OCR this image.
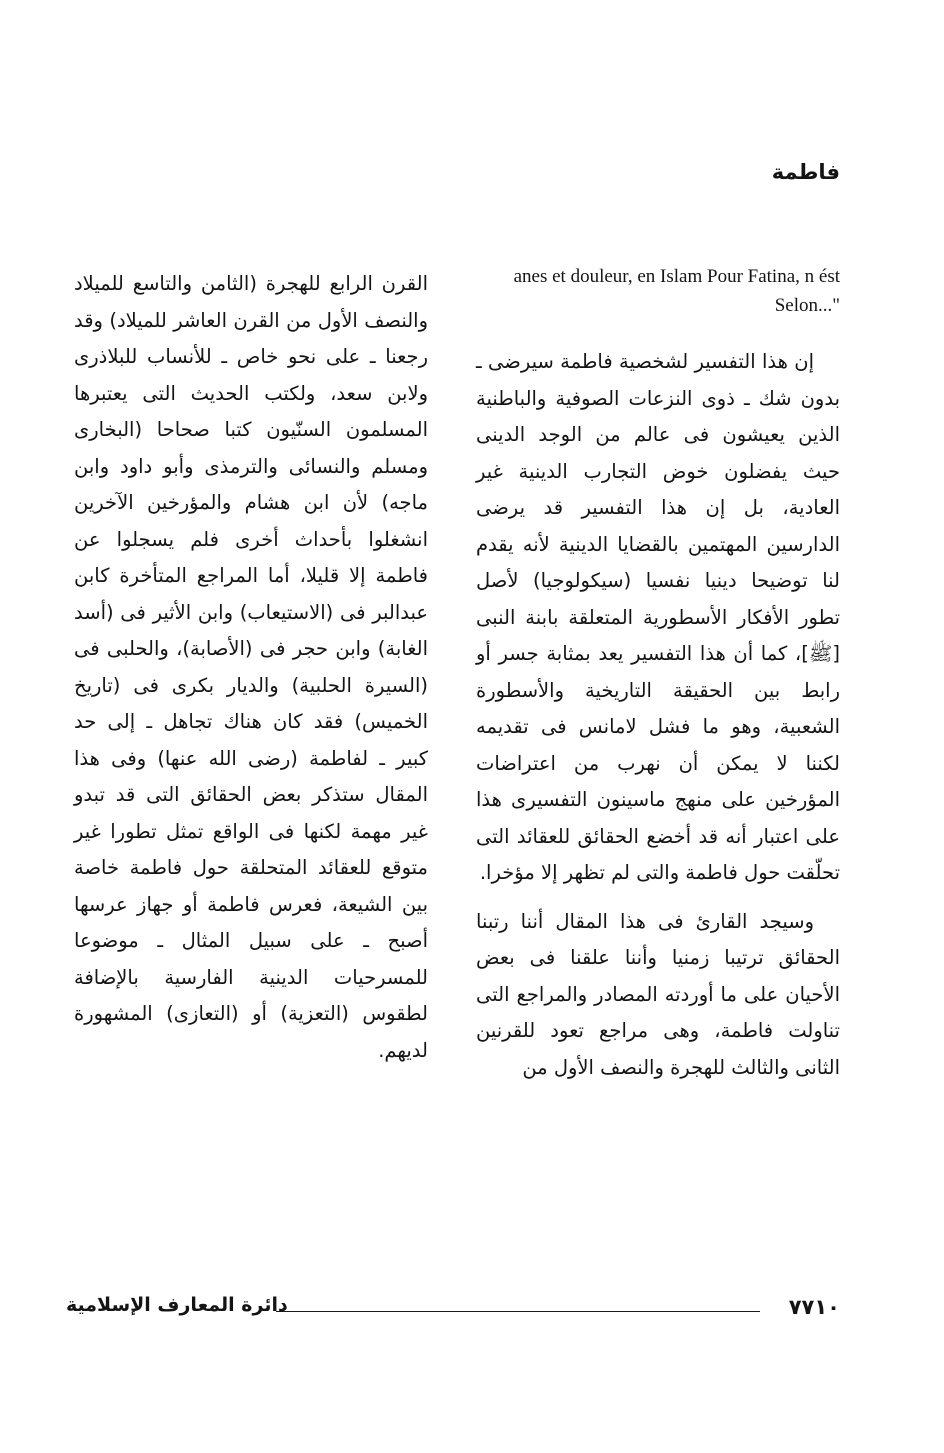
فاطمة

anes et douleur, en Islam Pour Fatina, n ést Selon..."

إن هذا التفسير لشخصية فاطمة سيرضى ـ بدون شك ـ ذوى النزعات الصوفية والباطنية الذين يعيشون فى عالم من الوجد الدينى حيث يفضلون خوض التجارب الدينية غير العادية، بل إن هذا التفسير قد يرضى الدارسين المهتمين بالقضايا الدينية لأنه يقدم لنا توضيحا دينيا نفسيا (سيكولوجيا) لأصل تطور الأفكار الأسطورية المتعلقة بابنة النبى [ﷺ]، كما أن هذا التفسير يعد بمثابة جسر أو رابط بين الحقيقة التاريخية والأسطورة الشعبية، وهو ما فشل لامانس فى تقديمه لكننا لا يمكن أن نهرب من اعتراضات المؤرخين على منهج ماسينون التفسيرى هذا على اعتبار أنه قد أخضع الحقائق للعقائد التى تحلّقت حول فاطمة والتى لم تظهر إلا مؤخرا.

وسيجد القارئ فى هذا المقال أننا رتبنا الحقائق ترتيبا زمنيا وأننا علقنا فى بعض الأحيان على ما أوردته المصادر والمراجع التى تناولت فاطمة، وهى مراجع تعود للقرنين الثانى والثالث للهجرة والنصف الأول من

القرن الرابع للهجرة (الثامن والتاسع للميلاد والنصف الأول من القرن العاشر للميلاد) وقد رجعنا ـ على نحو خاص ـ للأنساب للبلاذرى ولابن سعد، ولكتب الحديث التى يعتبرها المسلمون السنّيون كتبا صحاحا (البخارى ومسلم والنسائى والترمذى وأبو داود وابن ماجه) لأن ابن هشام والمؤرخين الآخرين انشغلوا بأحداث أخرى فلم يسجلوا عن فاطمة إلا قليلا، أما المراجع المتأخرة كابن عبدالبر فى (الاستيعاب) وابن الأثير فى (أسد الغابة) وابن حجر فى (الأصابة)، والحلبى فى (السيرة الحلبية) والديار بكرى فى (تاريخ الخميس) فقد كان هناك تجاهل ـ إلى حد كبير ـ لفاطمة (رضى الله عنها) وفى هذا المقال ستذكر بعض الحقائق التى قد تبدو غير مهمة لكنها فى الواقع تمثل تطورا غير متوقع للعقائد المتحلقة حول فاطمة خاصة بين الشيعة، فعرس فاطمة أو جهاز عرسها أصبح ـ على سبيل المثال ـ موضوعا للمسرحيات الدينية الفارسية بالإضافة لطقوس (التعزية) أو (التعازى) المشهورة لديهم.

٧٧١٠
دائرة المعارف الإسلامية
